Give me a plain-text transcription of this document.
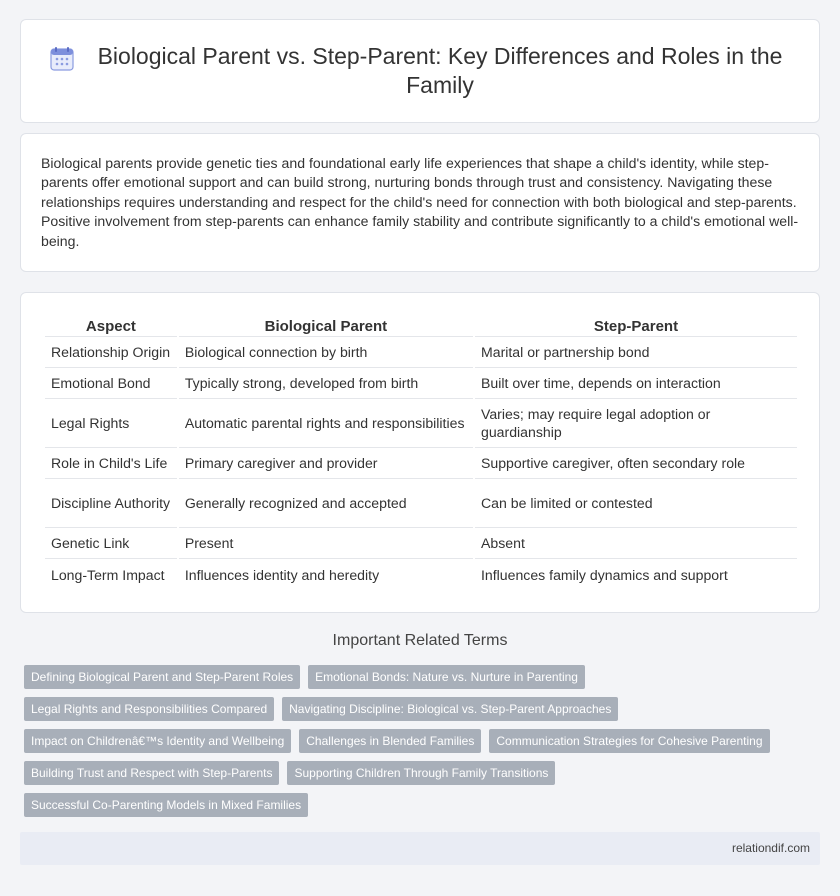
Biological Parent vs. Step-Parent: Key Differences and Roles in the Family

Biological parents provide genetic ties and foundational early life experiences that shape a child's identity, while step-parents offer emotional support and can build strong, nurturing bonds through trust and consistency. Navigating these relationships requires understanding and respect for the child's need for connection with both biological and step-parents. Positive involvement from step-parents can enhance family stability and contribute significantly to a child's emotional well-being.

Aspect	Biological Parent	Step-Parent
Relationship Origin	Biological connection by birth	Marital or partnership bond
Emotional Bond	Typically strong, developed from birth	Built over time, depends on interaction
Legal Rights	Automatic parental rights and responsibilities	Varies; may require legal adoption or guardianship
Role in Child's Life	Primary caregiver and provider	Supportive caregiver, often secondary role
Discipline Authority	Generally recognized and accepted	Can be limited or contested
Genetic Link	Present	Absent
Long-Term Impact	Influences identity and heredity	Influences family dynamics and support
Important Related Terms
Defining Biological Parent and Step-Parent Roles	Emotional Bonds: Nature vs. Nurture in Parenting
Legal Rights and Responsibilities Compared	Navigating Discipline: Biological vs. Step-Parent Approaches
Impact on Childrenâ€™s Identity and Wellbeing	Challenges in Blended Families	Communication Strategies for Cohesive Parenting
Building Trust and Respect with Step-Parents	Supporting Children Through Family Transitions
Successful Co-Parenting Models in Mixed Families
relationdif.com
